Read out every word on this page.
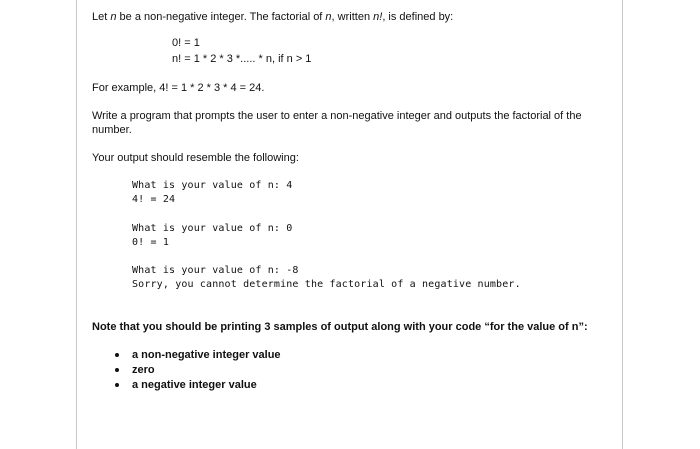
Let n be a non-negative integer. The factorial of n, written n!, is defined by:
0! = 1
n! = 1 * 2 * 3 *..... * n, if n > 1
For example, 4! = 1 * 2 * 3 * 4 = 24.
Write a program that prompts the user to enter a non-negative integer and outputs the factorial of the number.
Your output should resemble the following:
What is your value of n: 4
4! = 24
What is your value of n: 0
0! = 1
What is your value of n: -8
Sorry, you cannot determine the factorial of a negative number.
Note that you should be printing 3 samples of output along with your code “for the value of n”:
a non-negative integer value
zero
a negative integer value
